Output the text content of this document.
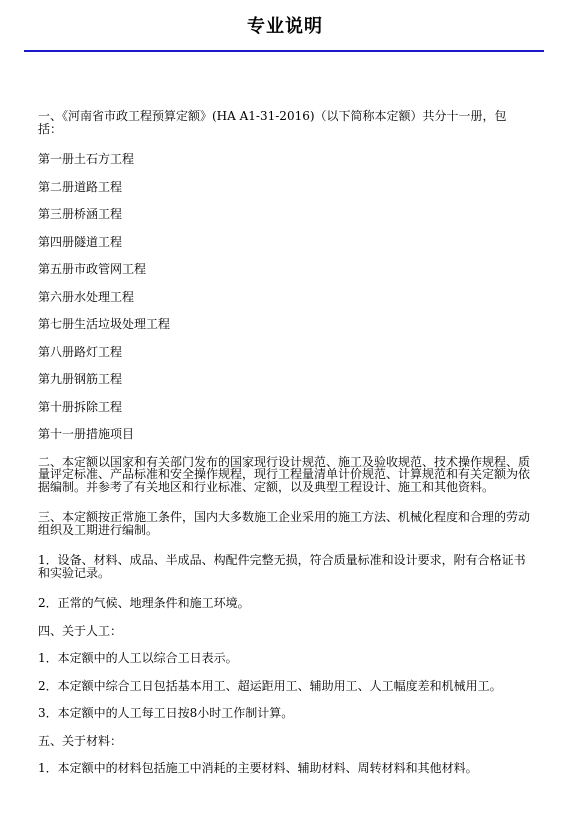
专业说明

一、《河南省市政工程预算定额》(HA A1-31-2016)（以下简称本定额）共分十一册，包括：

第一册土石方工程

第二册道路工程

第三册桥涵工程

第四册隧道工程

第五册市政管网工程

第六册水处理工程

第七册生活垃圾处理工程

第八册路灯工程

第九册钢筋工程

第十册拆除工程

第十一册措施项目

二、本定额以国家和有关部门发布的国家现行设计规范、施工及验收规范、技术操作规程、质量评定标准、产品标准和安全操作规程，现行工程量清单计价规范、计算规范和有关定额为依据编制。并参考了有关地区和行业标准、定额，以及典型工程设计、施工和其他资料。

三、本定额按正常施工条件，国内大多数施工企业采用的施工方法、机械化程度和合理的劳动组织及工期进行编制。

1．设备、材料、成品、半成品、构配件完整无损，符合质量标准和设计要求，附有合格证书和实验记录。

2．正常的气候、地理条件和施工环境。

四、关于人工：

1．本定额中的人工以综合工日表示。

2．本定额中综合工日包括基本用工、超运距用工、辅助用工、人工幅度差和机械用工。

3．本定额中的人工每工日按8小时工作制计算。

五、关于材料：

1．本定额中的材料包括施工中消耗的主要材料、辅助材料、周转材料和其他材料。
